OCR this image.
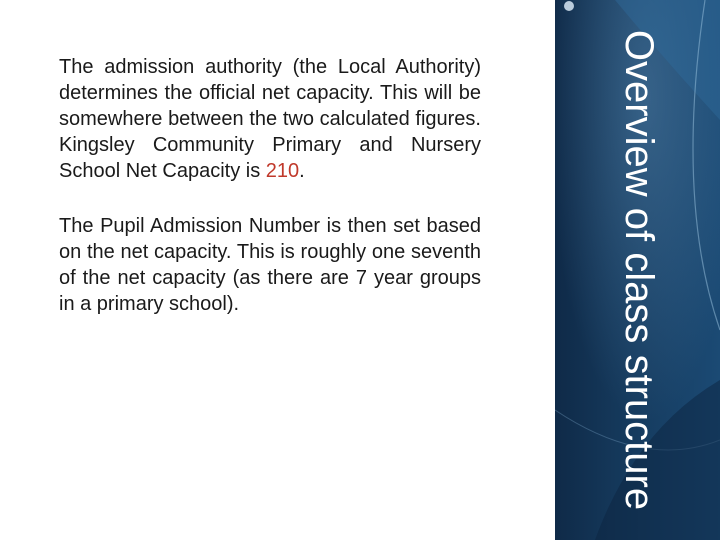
The admission authority (the Local Authority) determines the official net capacity. This will be somewhere between the two calculated figures. Kingsley Community Primary and Nursery School Net Capacity is 210.

The Pupil Admission Number is then set based on the net capacity. This is roughly one seventh of the net capacity (as there are 7 year groups in a primary school).	Overview of class structure
